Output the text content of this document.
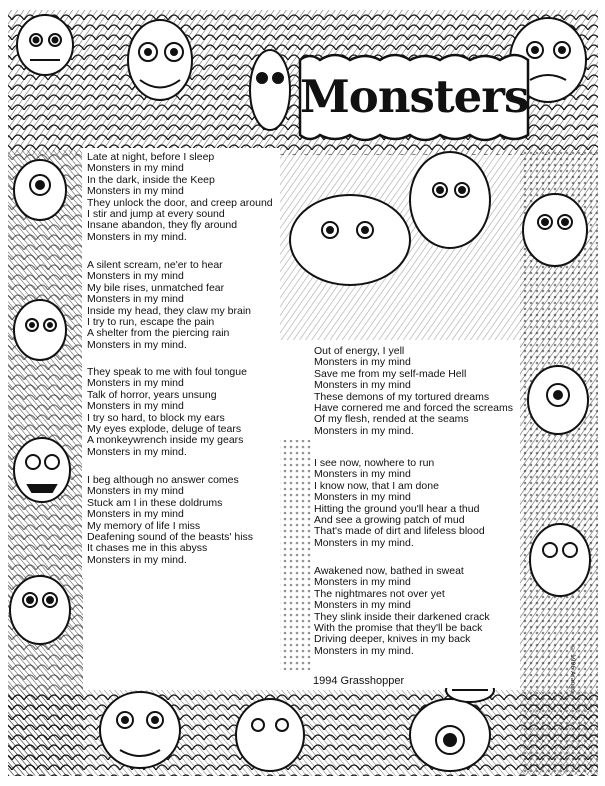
Monsters
Late at night, before I sleep
Monsters in my mind
In the dark, inside the Keep
Monsters in my mind
They unlock the door, and creep around
I stir and jump at every sound
Insane abandon, they fly around
Monsters in my mind.
A silent scream, ne'er to hear
Monsters in my mind
My bile rises, unmatched fear
Monsters in my mind
Inside my head, they claw my brain
I try to run, escape the pain
A shelter from the piercing rain
Monsters in my mind.
They speak to me with foul tongue
Monsters in my mind
Talk of horror, years unsung
Monsters in my mind
I try so hard, to block my ears
My eyes explode, deluge of tears
A monkeywrench inside my gears
Monsters in my mind.
I beg although no answer comes
Monsters in my mind
Stuck am I in these doldrums
Monsters in my mind
My memory of life I miss
Deafening sound of the beasts' hiss
It chases me in this abyss
Monsters in my mind.
Out of energy, I yell
Monsters in my mind
Save me from my self-made Hell
Monsters in my mind
These demons of my tortured dreams
Have cornered me and forced the screams
Of my flesh, rended at the seams
Monsters in my mind.
I see now, nowhere to run
Monsters in my mind
I know now, that I am done
Monsters in my mind
Hitting the ground you'll hear a thud
And see a growing patch of mud
That's made of dirt and lifeless blood
Monsters in my mind.
Awakened now, bathed in sweat
Monsters in my mind
The nightmares not over yet
Monsters in my mind
They slink inside their darkened crack
With the promise that they'll be back
Driving deeper, knives in my back
Monsters in my mind.
1994 Grasshopper	© 1996 Arango
